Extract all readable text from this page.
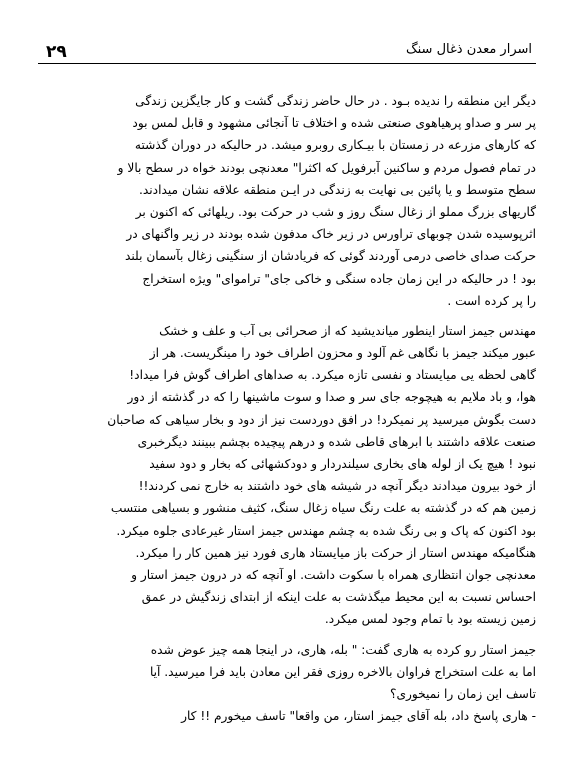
۲۹	اسرار معدن ذغال سنگ
دیگر این منطقه را ندیده بـود . در حال حاضر زندگی گشت و کار جایگزین زندگی
پر سر و صداو پرهیاهوی صنعتی شده و اختلاف تا آنجائی مشهود و قابل لمس بود
که کارهای مزرعه در زمستان با بیـکاری روبرو میشد. در حالیکه در دوران گذشته
در تمام فصول مردم و ساکنین آبرفویل که اکثرا" معدنچی بودند خواه در سطح بالا و
سطح متوسط و یا پائین بی نهایت به زندگی در ایـن منطقه علاقه نشان میدادند.
گاریهای بزرگ مملو از زغال سنگ روز و شب در حرکت بود. ریلهائی که اکنون بر
اثرپوسیده شدن چوبهای تراورس در زیر خاک مدفون شده بودند در زیر واگنهای در
حرکت صدای خاصی درمی آوردند گوئی که فریادشان از سنگینی زغال بآسمان بلند
بود ! در حالیکه در این زمان جاده سنگی و خاکی جای" ترامواى" ویژه استخراج
را پر کرده است .
مهندس جیمز استار اینطور میاندیشید که از صحرائی بی آب و علف و خشک
عبور میکند جیمز با نگاهی غم آلود و محزون اطراف خود را مینگریست. هر از
گاهی لحظه یی میایستاد و نفسی تازه میکرد. به صداهای اطراف گوش فرا میداد!
هوا، و باد ملایم به هیچوجه جای سر و صدا و سوت ماشینها را که در گذشته از دور
دست بگوش میرسید پر نمیکرد! در افق دوردست نیز از دود و بخار سیاهی که صاحبان
صنعت علاقه داشتند با ابرهای قاطی شده و درهم پیچیده بچشم ببینند دیگرخبری
نبود ! هیچ یک از لوله های بخاری سیلندردار و دودکشهائی که بخار و دود سفید
از خود بیرون میدادند دیگر آنچه در شیشه های خود داشتند به خارج نمی کردند!!
زمین هم که در گذشته به علت رنگ سیاه زغال سنگ، کثیف منشور و بسیاهی منتسب
بود اکنون که پاک و بی رنگ شده به چشم مهندس جیمز استار غیرعادی جلوه میکرد.
هنگامیکه مهندس استار از حرکت باز میایستاد هاری فورد نیز همین کار را میکرد.
معدنچی جوان انتظاری همراه با سکوت داشت. او آنچه که در درون جیمز استار و
احساس نسبت به این محیط میگذشت به علت اینکه از ابتدای زندگیش در عمق
زمین زیسته بود با تمام وجود لمس میکرد.
جیمز استار رو کرده به هاری گفت: " بله، هاری، در اینجا همه چیز عوض شده
اما به علت استخراج فراوان بالاخره روزی فقر این معادن باید فرا میرسید. آیا
تاسف این زمان را نمیخوری؟
- هاری پاسخ داد، بله آقای جیمز استار، من واقعا" تاسف میخورم !! کار
